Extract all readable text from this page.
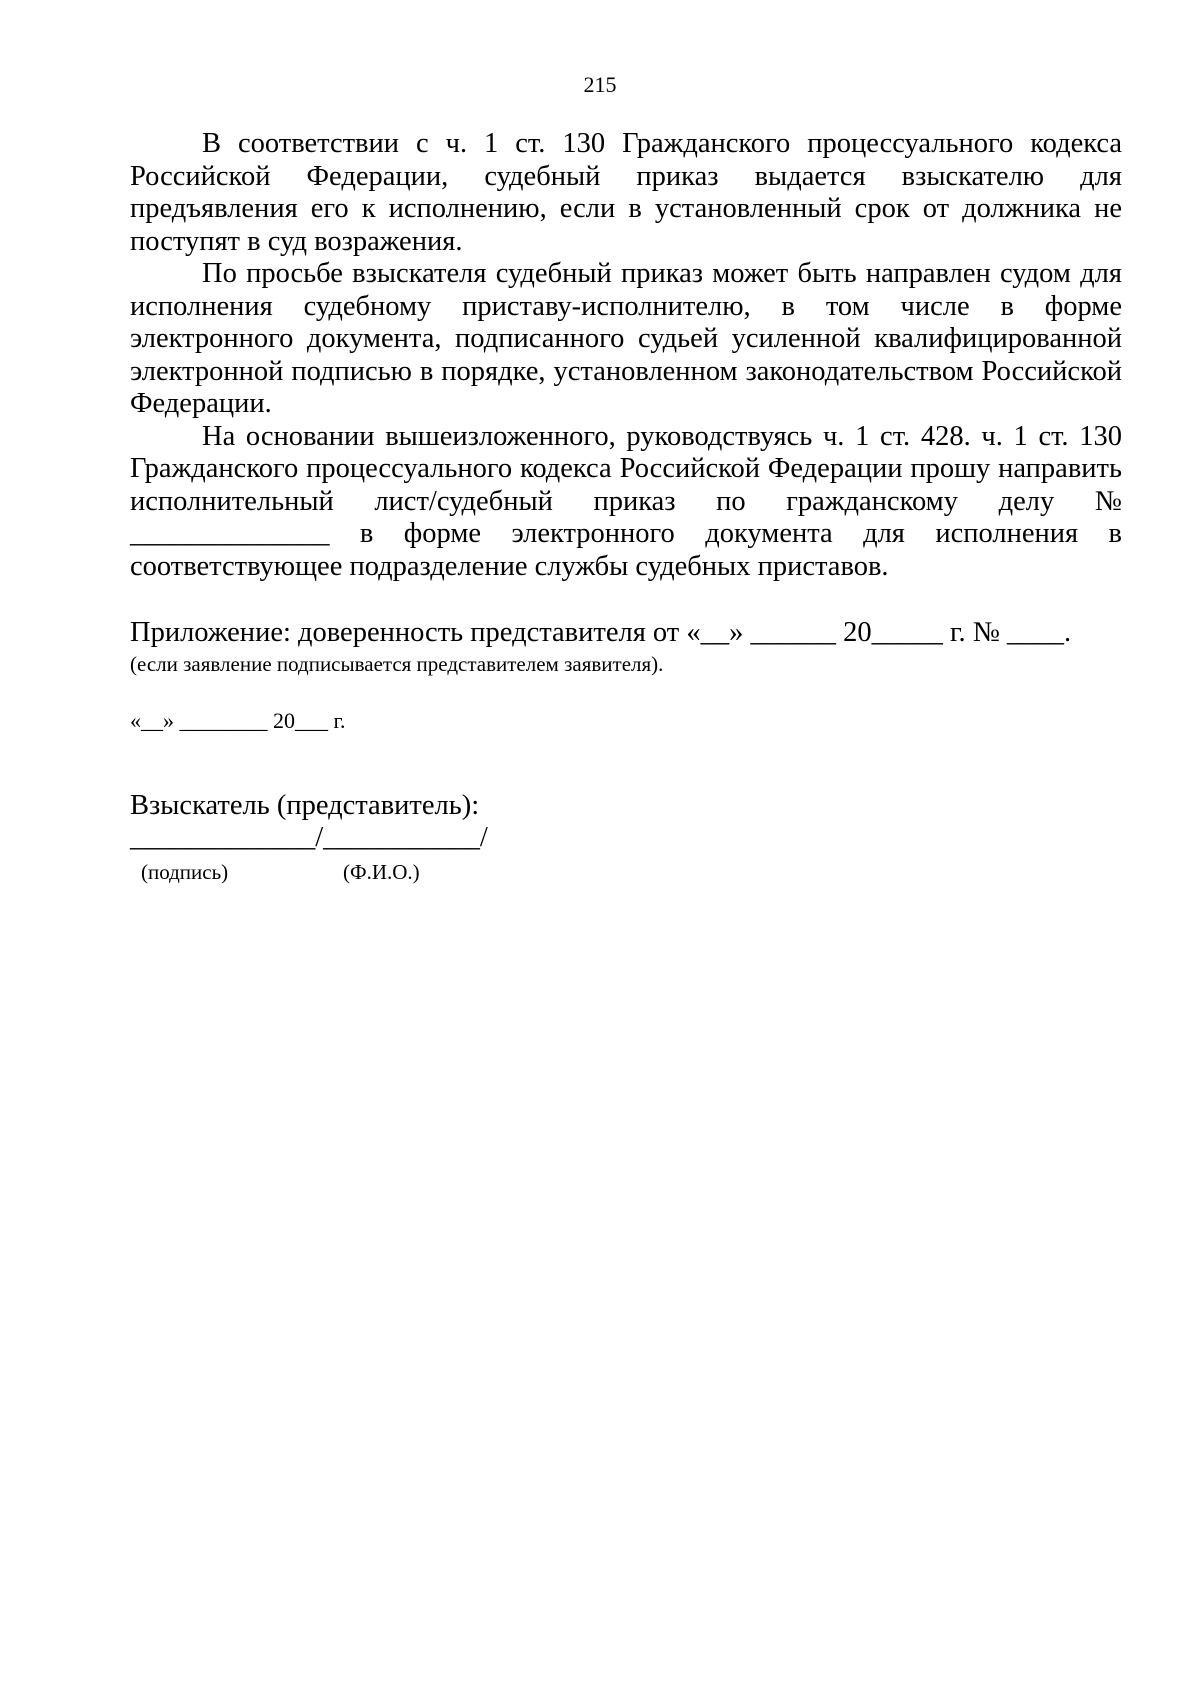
215

В соответствии с ч. 1 ст. 130 Гражданского процессуального кодекса Российской Федерации, судебный приказ выдается взыскателю для предъявления его к исполнению, если в установленный срок от должника не поступят в суд возражения.

По просьбе взыскателя судебный приказ может быть направлен судом для исполнения судебному приставу-исполнителю, в том числе в форме электронного документа, подписанного судьей усиленной квалифицированной электронной подписью в порядке, установленном законодательством Российской Федерации.

На основании вышеизложенного, руководствуясь ч. 1 ст. 428. ч. 1 ст. 130 Гражданского процессуального кодекса Российской Федерации прошу направить исполнительный лист/судебный приказ по гражданскому делу № ______________ в форме электронного документа для исполнения в соответствующее подразделение службы судебных приставов.

Приложение: доверенность представителя от «__» ______ 20_____ г. № ____.
(если заявление подписывается представителем заявителя).
«__» ________ 20___ г.
Взыскатель (представитель):
_____________/___________/
(подпись)	(Ф.И.О.)
